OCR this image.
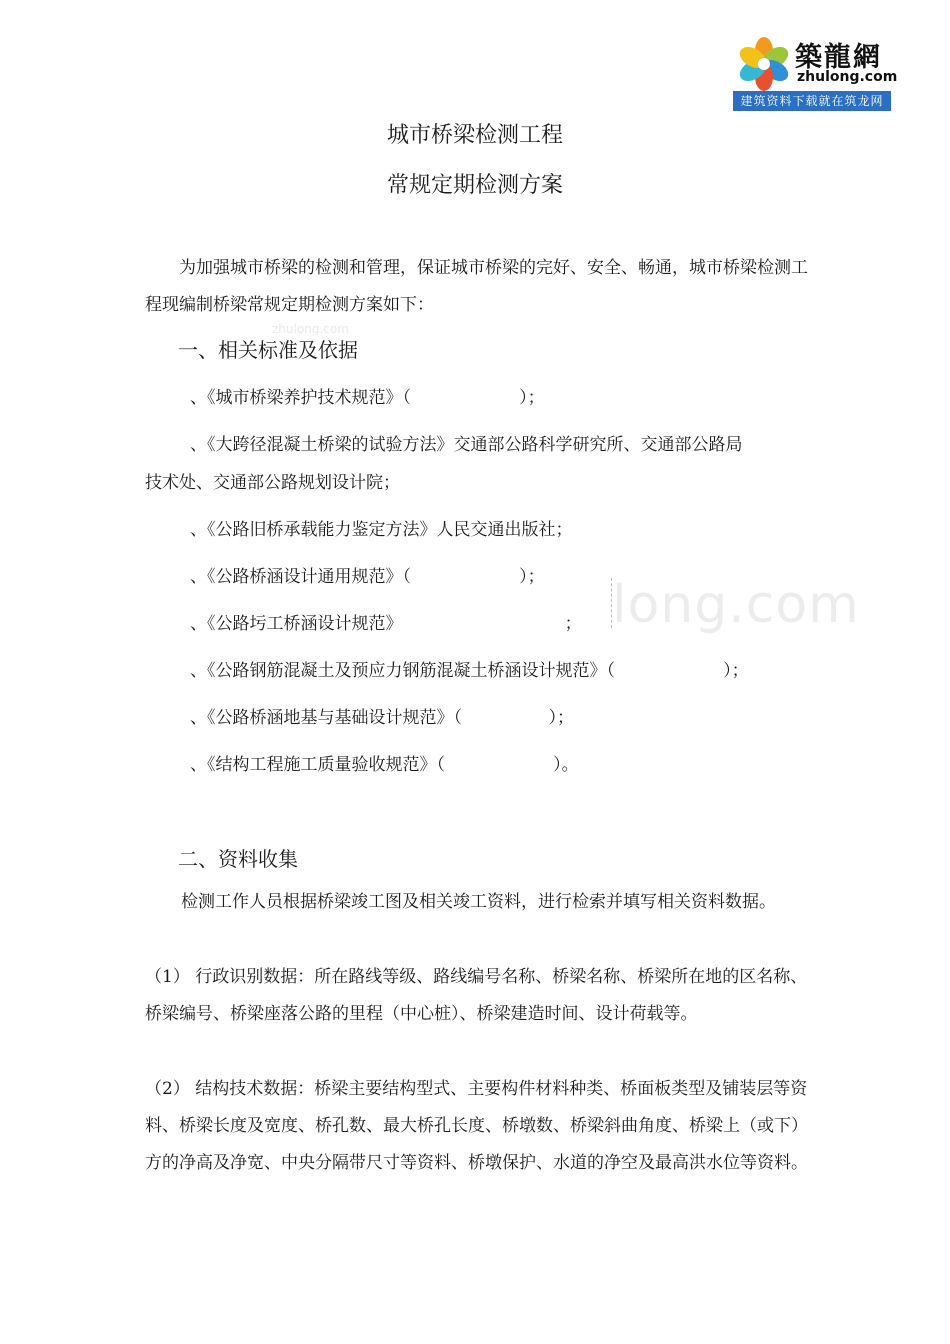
築龍網
zhulong.com
建筑资料下载就在筑龙网
城市桥梁检测工程
常规定期检测方案
为加强城市桥梁的检测和管理，保证城市桥梁的完好、安全、畅通，城市桥梁检测工程现编制桥梁常规定期检测方案如下：
zhulong.com
一、相关标准及依据
、《城市桥梁养护技术规范》（                    ）；
、《大跨径混凝土桥梁的试验方法》交通部公路科学研究所、交通部公路局
技术处、交通部公路规划设计院；
、《公路旧桥承载能力鉴定方法》人民交通出版社；
、《公路桥涵设计通用规范》（                    ）；
、《公路圬工桥涵设计规范》                              ；
、《公路钢筋混凝土及预应力钢筋混凝土桥涵设计规范》（                    ）；
、《公路桥涵地基与基础设计规范》（                ）；
、《结构工程施工质量验收规范》（                    ）。
long.com
二、资料收集
检测工作人员根据桥梁竣工图及相关竣工资料，进行检索并填写相关资料数据。
（1） 行政识别数据：所在路线等级、路线编号名称、桥梁名称、桥梁所在地的区名称、桥梁编号、桥梁座落公路的里程（中心桩）、桥梁建造时间、设计荷载等。
（2） 结构技术数据：桥梁主要结构型式、主要构件材料种类、桥面板类型及铺装层等资料、桥梁长度及宽度、桥孔数、最大桥孔长度、桥墩数、桥梁斜曲角度、桥梁上（或下）方的净高及净宽、中央分隔带尺寸等资料、桥墩保护、水道的净空及最高洪水位等资料。
